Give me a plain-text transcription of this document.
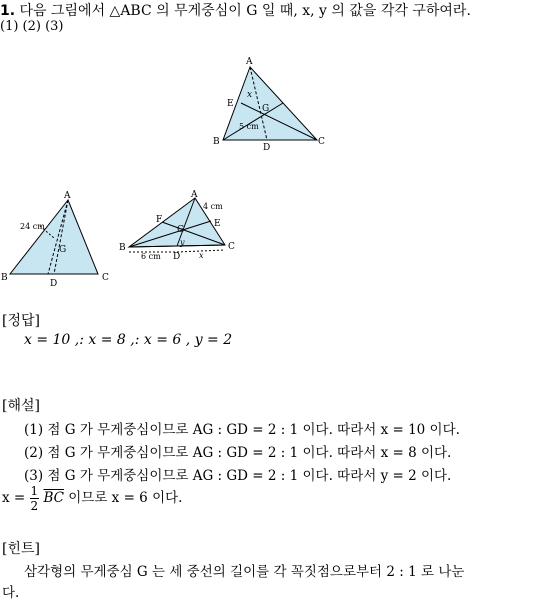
1. 다음 그림에서 △ABC 의 무게중심이 G 일 때, x, y 의 값을 각각 구하여라.
(1) (2) (3)
A
B	C
D
E	G
x
5 cm
A
B	C
D
G
24 cm
A
B	C
D
E
F
G
y
4 cm
6 cm	x
[정답]
x = 10 ,: x = 8 ,: x = 6 , y = 2
[해설]
(1) 점 G 가 무게중심이므로 AG : GD = 2 : 1 이다. 따라서 x = 10 이다.
(2) 점 G 가 무게중심이므로 AG : GD = 2 : 1 이다. 따라서 x = 8 이다.
(3) 점 G 가 무게중심이므로 AG : GD = 2 : 1 이다. 따라서 y = 2 이다.
$x = \frac{1}{2} \overline{BC}$ 이므로 x = 6 이다.
[힌트]
삼각형의 무게중심 G 는 세 중선의 길이를 각 꼭짓점으로부터 2 : 1 로 나눈
다.
